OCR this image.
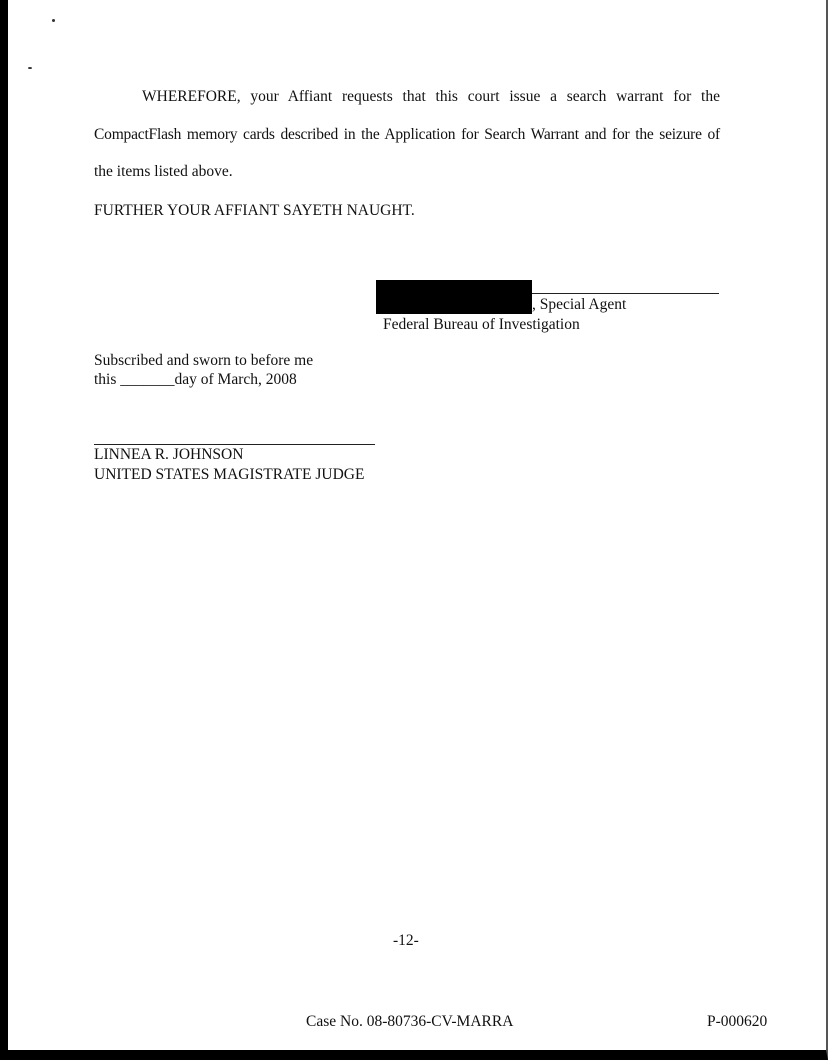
WHEREFORE, your Affiant requests that this court issue a search warrant for the
CompactFlash memory cards described in the Application for Search Warrant and for the seizure of
the items listed above.
FURTHER YOUR AFFIANT SAYETH NAUGHT.
, Special Agent
Federal Bureau of Investigation
Subscribed and sworn to before me
this _______day of March, 2008
LINNEA R. JOHNSON
UNITED STATES MAGISTRATE JUDGE
-12-
Case No. 08-80736-CV-MARRA	P-000620
